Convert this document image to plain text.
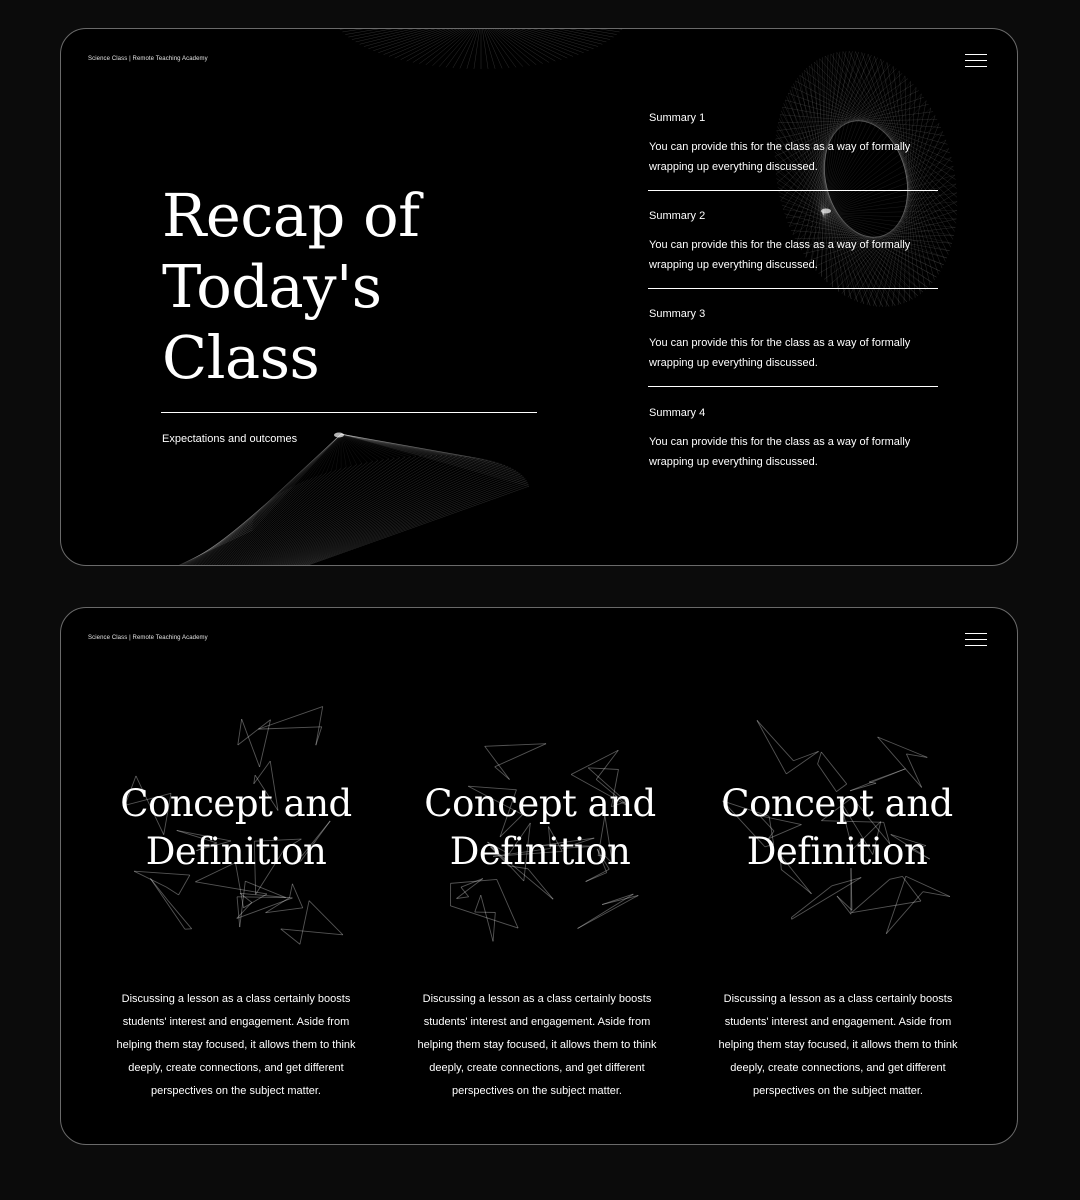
Science Class | Remote Teaching Academy
Recap of
Today's
Class
Expectations and outcomes
Summary 1
You can provide this for the class as a way of formally wrapping up everything discussed.
Summary 2
You can provide this for the class as a way of formally wrapping up everything discussed.
Summary 3
You can provide this for the class as a way of formally wrapping up everything discussed.
Summary 4
You can provide this for the class as a way of formally wrapping up everything discussed.
Science Class | Remote Teaching Academy
Concept and
Definition
Discussing a lesson as a class certainly boosts students' interest and engagement. Aside from helping them stay focused, it allows them to think deeply, create connections, and get different perspectives on the subject matter.
Concept and
Definition
Discussing a lesson as a class certainly boosts students' interest and engagement. Aside from helping them stay focused, it allows them to think deeply, create connections, and get different perspectives on the subject matter.
Concept and
Definition
Discussing a lesson as a class certainly boosts students' interest and engagement. Aside from helping them stay focused, it allows them to think deeply, create connections, and get different perspectives on the subject matter.
